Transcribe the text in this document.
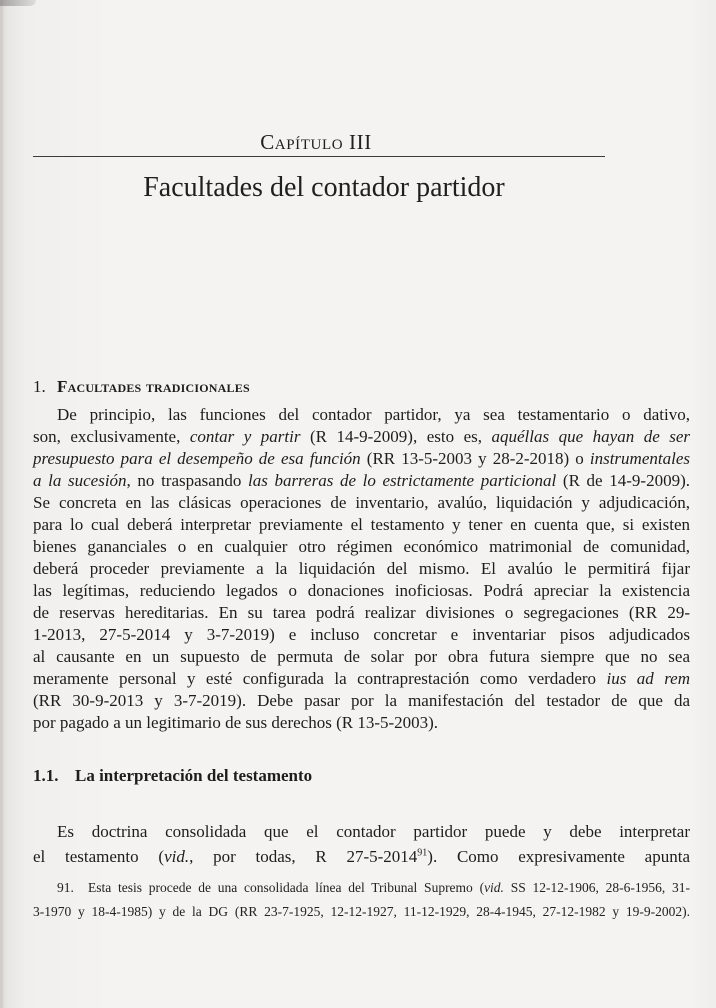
Capítulo III
Facultades del contador partidor
1. Facultades tradicionales
De principio, las funciones del contador partidor, ya sea testamentario o dativo,
son, exclusivamente, contar y partir (R 14-9-2009), esto es, aquéllas que hayan de ser
presupuesto para el desempeño de esa función (RR 13-5-2003 y 28-2-2018) o instrumentales
a la sucesión, no traspasando las barreras de lo estrictamente particional (R de 14-9-2009).
Se concreta en las clásicas operaciones de inventario, avalúo, liquidación y adjudicación,
para lo cual deberá interpretar previamente el testamento y tener en cuenta que, si existen
bienes gananciales o en cualquier otro régimen económico matrimonial de comunidad,
deberá proceder previamente a la liquidación del mismo. El avalúo le permitirá fijar
las legítimas, reduciendo legados o donaciones inoficiosas. Podrá apreciar la existencia
de reservas hereditarias. En su tarea podrá realizar divisiones o segregaciones (RR 29-
1-2013, 27-5-2014 y 3-7-2019) e incluso concretar e inventariar pisos adjudicados
al causante en un supuesto de permuta de solar por obra futura siempre que no sea
meramente personal y esté configurada la contraprestación como verdadero ius ad rem
(RR 30-9-2013 y 3-7-2019). Debe pasar por la manifestación del testador de que da
por pagado a un legitimario de sus derechos (R 13-5-2003).
1.1. La interpretación del testamento
Es doctrina consolidada que el contador partidor puede y debe interpretar
el testamento (vid., por todas, R 27-5-2014$^{91}$). Como expresivamente apunta
91.	Esta tesis procede de una consolidada línea del Tribunal Supremo (vid. SS 12-12-1906, 28-6-1956, 31-
3-1970 y 18-4-1985) y de la DG (RR 23-7-1925, 12-12-1927, 11-12-1929, 28-4-1945, 27-12-1982 y 19-9-2002).
